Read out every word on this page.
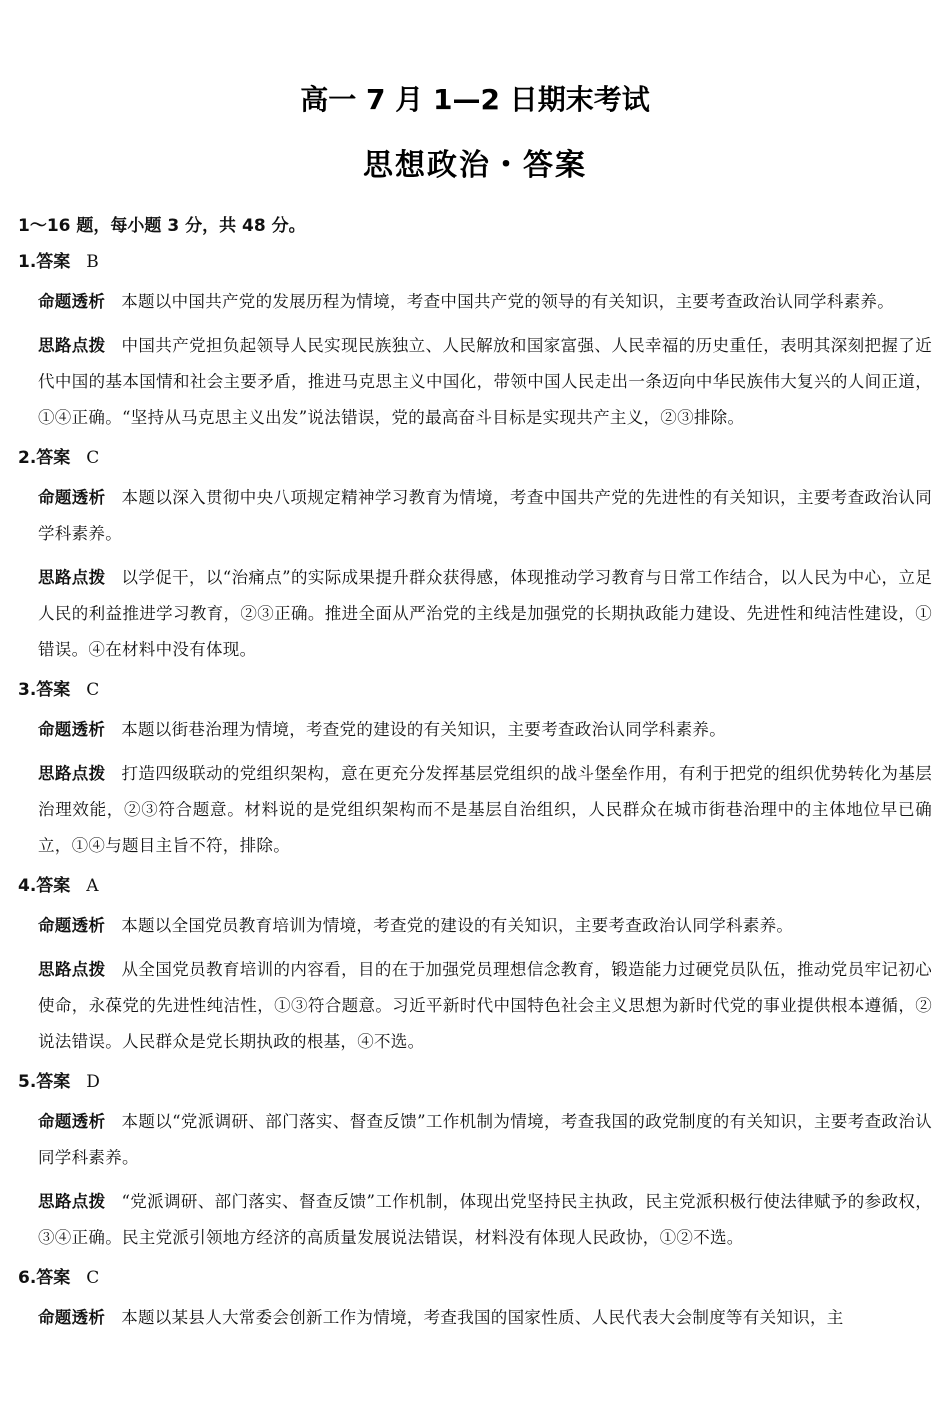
高一 7 月 1—2 日期末考试
思想政治・答案

1～16 题，每小题 3 分，共 48 分。

1.答案 B

命题透析 本题以中国共产党的发展历程为情境，考查中国共产党的领导的有关知识，主要考查政治认同学科素养。

思路点拨 中国共产党担负起领导人民实现民族独立、人民解放和国家富强、人民幸福的历史重任，表明其深刻把握了近代中国的基本国情和社会主要矛盾，推进马克思主义中国化，带领中国人民走出一条迈向中华民族伟大复兴的人间正道，①④正确。“坚持从马克思主义出发”说法错误，党的最高奋斗目标是实现共产主义，②③排除。

2.答案 C

命题透析 本题以深入贯彻中央八项规定精神学习教育为情境，考查中国共产党的先进性的有关知识，主要考查政治认同学科素养。

思路点拨 以学促干，以“治痛点”的实际成果提升群众获得感，体现推动学习教育与日常工作结合，以人民为中心，立足人民的利益推进学习教育，②③正确。推进全面从严治党的主线是加强党的长期执政能力建设、先进性和纯洁性建设，①错误。④在材料中没有体现。

3.答案 C

命题透析 本题以街巷治理为情境，考查党的建设的有关知识，主要考查政治认同学科素养。

思路点拨 打造四级联动的党组织架构，意在更充分发挥基层党组织的战斗堡垒作用，有利于把党的组织优势转化为基层治理效能，②③符合题意。材料说的是党组织架构而不是基层自治组织，人民群众在城市街巷治理中的主体地位早已确立，①④与题目主旨不符，排除。

4.答案 A

命题透析 本题以全国党员教育培训为情境，考查党的建设的有关知识，主要考查政治认同学科素养。

思路点拨 从全国党员教育培训的内容看，目的在于加强党员理想信念教育，锻造能力过硬党员队伍，推动党员牢记初心使命，永葆党的先进性纯洁性，①③符合题意。习近平新时代中国特色社会主义思想为新时代党的事业提供根本遵循，②说法错误。人民群众是党长期执政的根基，④不选。

5.答案 D

命题透析 本题以“党派调研、部门落实、督查反馈”工作机制为情境，考查我国的政党制度的有关知识，主要考查政治认同学科素养。

思路点拨 “党派调研、部门落实、督查反馈”工作机制，体现出党坚持民主执政，民主党派积极行使法律赋予的参政权，③④正确。民主党派引领地方经济的高质量发展说法错误，材料没有体现人民政协，①②不选。

6.答案 C

命题透析 本题以某县人大常委会创新工作为情境，考查我国的国家性质、人民代表大会制度等有关知识，主
